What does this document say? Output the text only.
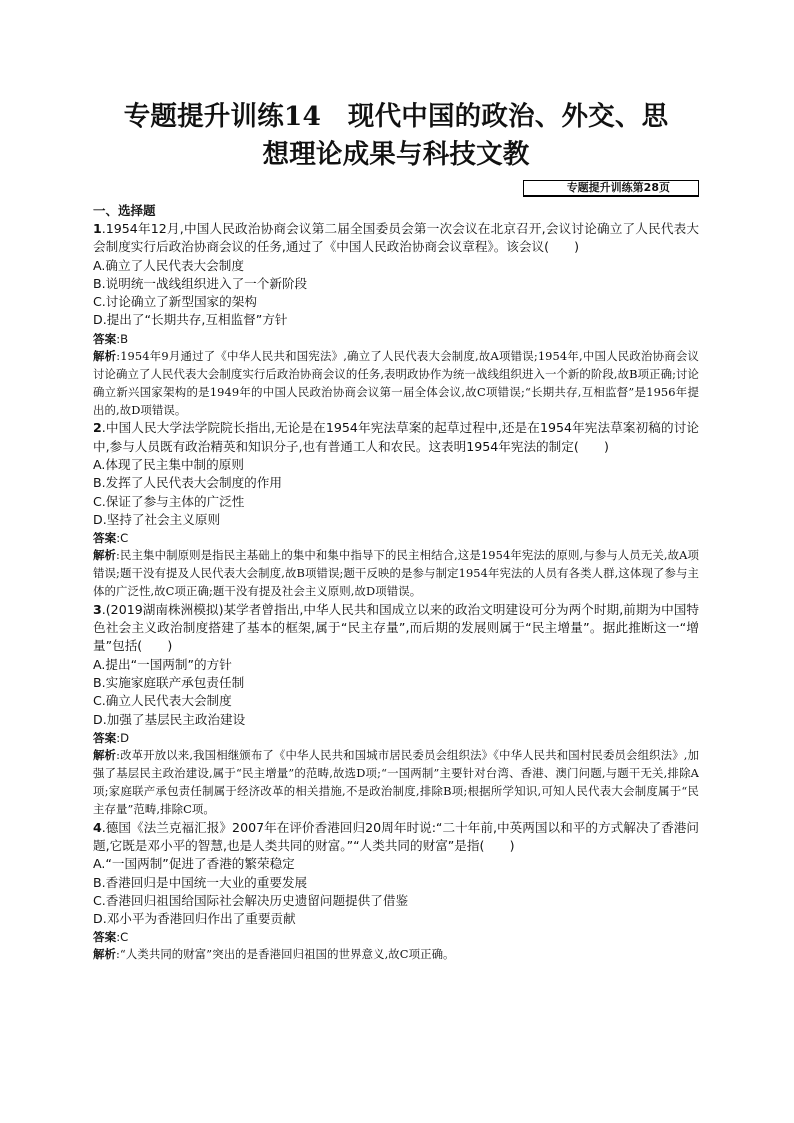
专题提升训练14　现代中国的政治、外交、思
想理论成果与科技文教
专题提升训练第28页
一、选择题

1.1954年12月,中国人民政治协商会议第二届全国委员会第一次会议在北京召开,会议讨论确立了人民代表大会制度实行后政治协商会议的任务,通过了《中国人民政治协商会议章程》。该会议(　　)

A.确立了人民代表大会制度

B.说明统一战线组织进入了一个新阶段

C.讨论确立了新型国家的架构

D.提出了“长期共存,互相监督”方针

答案:B

解析:1954年9月通过了《中华人民共和国宪法》,确立了人民代表大会制度,故A项错误;1954年,中国人民政治协商会议讨论确立了人民代表大会制度实行后政治协商会议的任务,表明政协作为统一战线组织进入一个新的阶段,故B项正确;讨论确立新兴国家架构的是1949年的中国人民政治协商会议第一届全体会议,故C项错误;“长期共存,互相监督”是1956年提出的,故D项错误。

2.中国人民大学法学院院长指出,无论是在1954年宪法草案的起草过程中,还是在1954年宪法草案初稿的讨论中,参与人员既有政治精英和知识分子,也有普通工人和农民。这表明1954年宪法的制定(　　)

A.体现了民主集中制的原则

B.发挥了人民代表大会制度的作用

C.保证了参与主体的广泛性

D.坚持了社会主义原则

答案:C

解析:民主集中制原则是指民主基础上的集中和集中指导下的民主相结合,这是1954年宪法的原则,与参与人员无关,故A项错误;题干没有提及人民代表大会制度,故B项错误;题干反映的是参与制定1954年宪法的人员有各类人群,这体现了参与主体的广泛性,故C项正确;题干没有提及社会主义原则,故D项错误。

3.(2019湖南株洲模拟)某学者曾指出,中华人民共和国成立以来的政治文明建设可分为两个时期,前期为中国特色社会主义政治制度搭建了基本的框架,属于“民主存量”,而后期的发展则属于“民主增量”。据此推断这一“增量”包括(　　)

A.提出“一国两制”的方针

B.实施家庭联产承包责任制

C.确立人民代表大会制度

D.加强了基层民主政治建设

答案:D

解析:改革开放以来,我国相继颁布了《中华人民共和国城市居民委员会组织法》《中华人民共和国村民委员会组织法》,加强了基层民主政治建设,属于“民主增量”的范畴,故选D项;“一国两制”主要针对台湾、香港、澳门问题,与题干无关,排除A项;家庭联产承包责任制属于经济改革的相关措施,不是政治制度,排除B项;根据所学知识,可知人民代表大会制度属于“民主存量”范畴,排除C项。

4.德国《法兰克福汇报》2007年在评价香港回归20周年时说:“二十年前,中英两国以和平的方式解决了香港问题,它既是邓小平的智慧,也是人类共同的财富。”“人类共同的财富”是指(　　)

A.“一国两制”促进了香港的繁荣稳定

B.香港回归是中国统一大业的重要发展

C.香港回归祖国给国际社会解决历史遗留问题提供了借鉴

D.邓小平为香港回归作出了重要贡献

答案:C

解析:“人类共同的财富”突出的是香港回归祖国的世界意义,故C项正确。
